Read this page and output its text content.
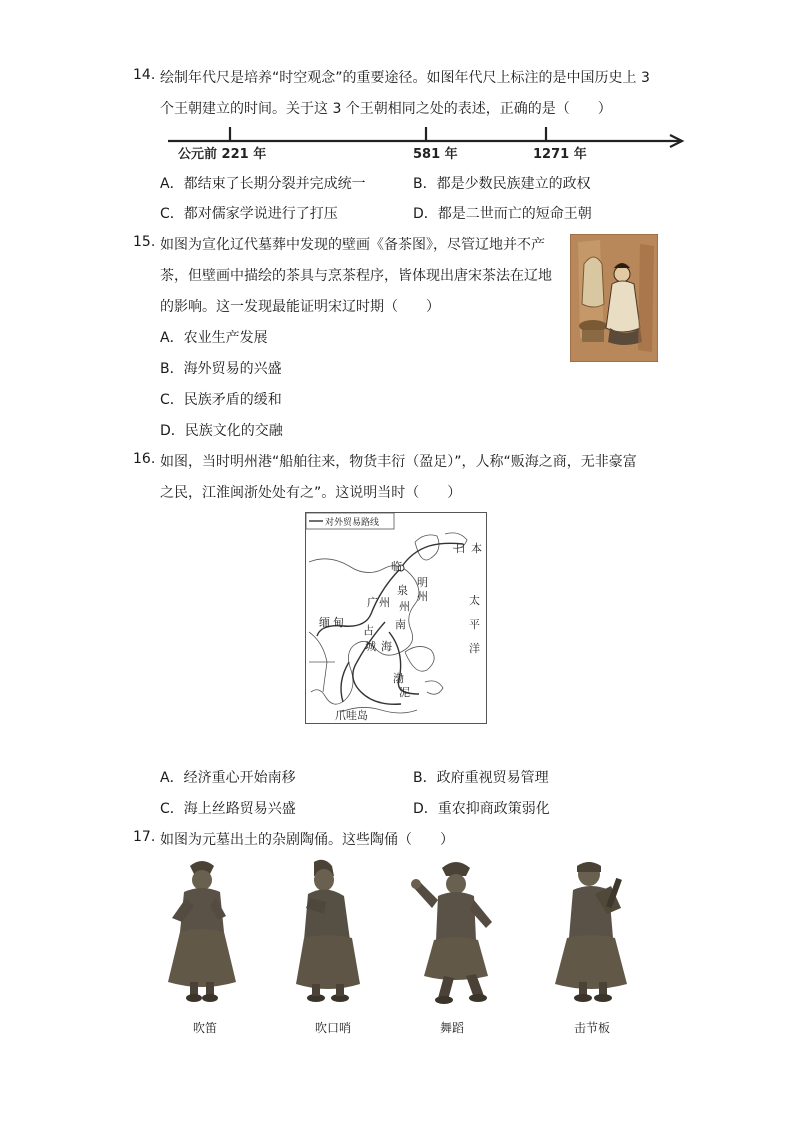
14. 绘制年代尺是培养“时空观念”的重要途径。如图年代尺上标注的是中国历史上 3
个王朝建立的时间。关于这 3 个王朝相同之处的表述，正确的是（　　）
公元前 221 年	581 年	1271 年
A．都结束了长期分裂并完成统一	B．都是少数民族建立的政权
C．都对儒家学说进行了打压	D．都是二世而亡的短命王朝
15. 如图为宣化辽代墓葬中发现的壁画《备茶图》，尽管辽地并不产
茶，但壁画中描绘的茶具与烹茶程序，皆体现出唐宋茶法在辽地
的影响。这一发现最能证明宋辽时期（　　）
A．农业生产发展
B．海外贸易的兴盛
C．民族矛盾的缓和
D．民族文化的交融
16. 如图，当时明州港“船舶往来，物货丰衍（盈足）”，人称“贩海之商，无非豪富
之民，江淮闽浙处处有之”。这说明当时（　　）
对外贸易路线
日 本
临
明
州
泉
州
广 州
缅 甸
占
城
南
海
太
平
洋
渤
泥
爪哇岛
A．经济重心开始南移	B．政府重视贸易管理
C．海上丝路贸易兴盛	D．重农抑商政策弱化
17. 如图为元墓出土的杂剧陶俑。这些陶俑（　　）
吹笛	吹口哨	舞蹈	击节板
